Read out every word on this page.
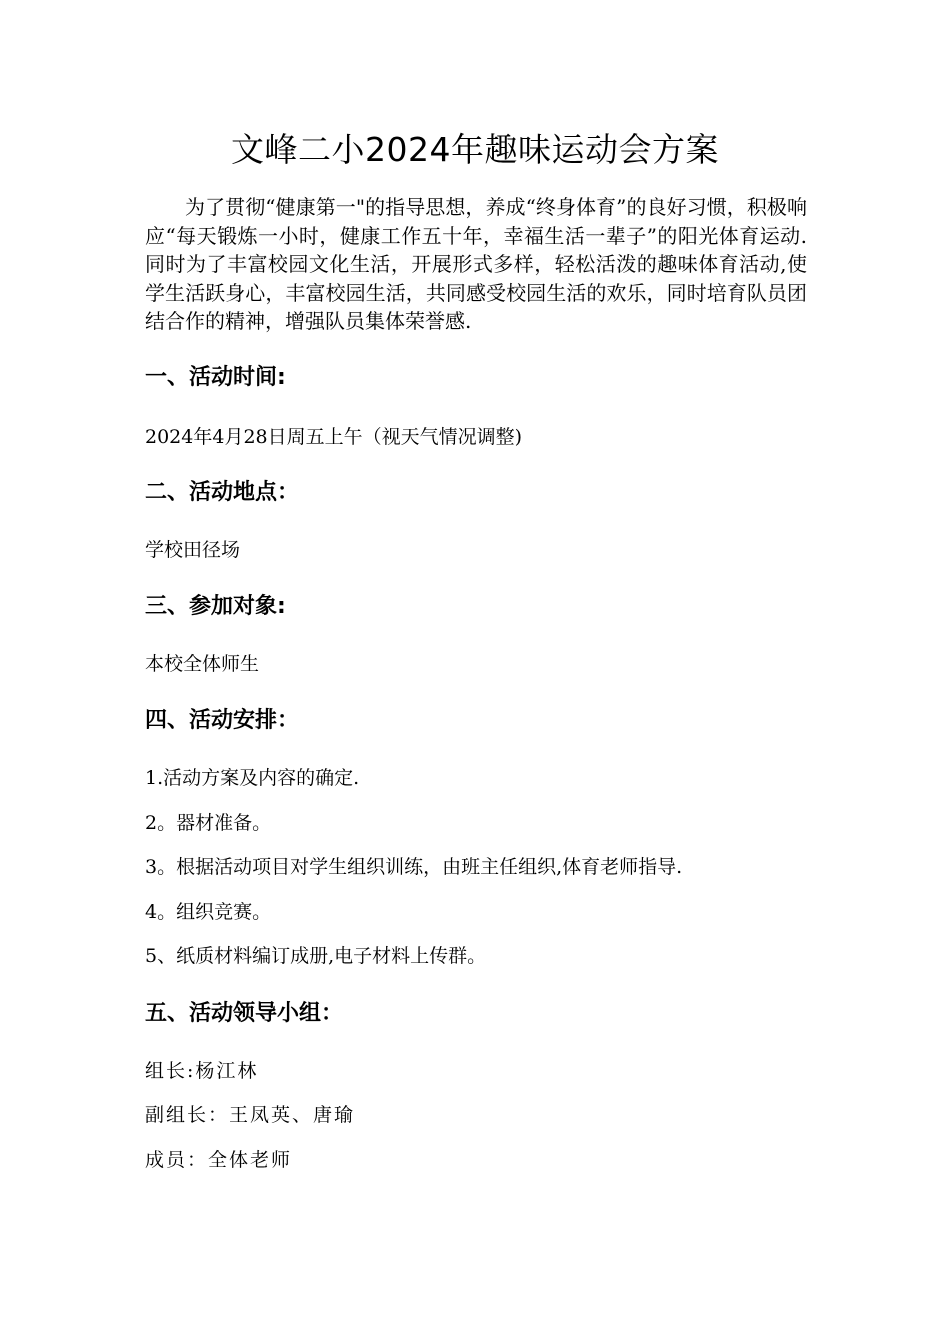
文峰二小2024年趣味运动会方案

为了贯彻“健康第一"的指导思想，养成“终身体育”的良好习惯，积极响应“每天锻炼一小时，健康工作五十年，幸福生活一辈子”的阳光体育运动.同时为了丰富校园文化生活，开展形式多样，轻松活泼的趣味体育活动,使学生活跃身心，丰富校园生活，共同感受校园生活的欢乐，同时培育队员团结合作的精神，增强队员集体荣誉感.

一、活动时间:

2024年4月28日周五上午（视天气情况调整)

二、活动地点：

学校田径场

三、参加对象:

本校全体师生

四、活动安排：

1.活动方案及内容的确定.

2。器材准备。

3。根据活动项目对学生组织训练，由班主任组织,体育老师指导.

4。组织竞赛。

5、纸质材料编订成册,电子材料上传群。

五、活动领导小组：

组长:杨江林

副组长：王凤英、唐瑜

成员：全体老师
